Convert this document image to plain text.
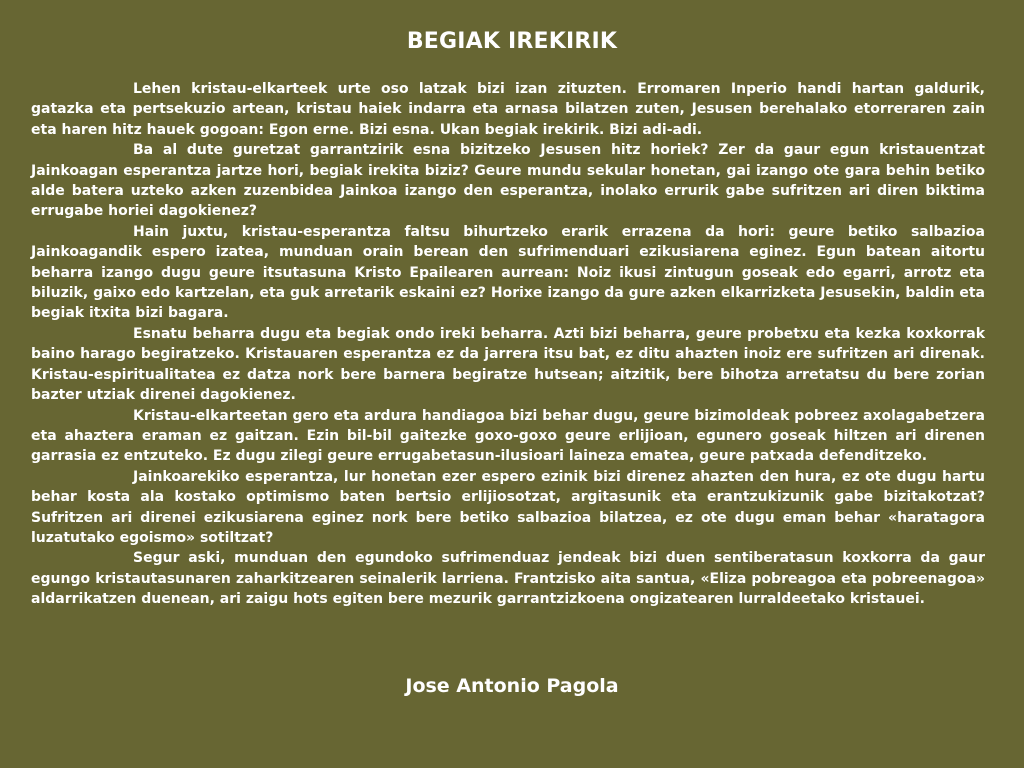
BEGIAK IREKIRIK

Lehen kristau-elkarteek urte oso latzak bizi izan zituzten. Erromaren Inperio handi hartan galdurik, gatazka eta pertsekuzio artean, kristau haiek indarra eta arnasa bilatzen zuten, Jesusen berehalako etorreraren zain eta haren hitz hauek gogoan: Egon erne. Bizi esna. Ukan begiak irekirik. Bizi adi-adi.

Ba al dute guretzat garrantzirik esna bizitzeko Jesusen hitz horiek? Zer da gaur egun kristauentzat Jainkoagan esperantza jartze hori, begiak irekita biziz? Geure mundu sekular honetan, gai izango ote gara behin betiko alde batera uzteko azken zuzenbidea Jainkoa izango den esperantza, inolako errurik gabe sufritzen ari diren biktima errugabe horiei dagokienez?

Hain juxtu, kristau-esperantza faltsu bihurtzeko erarik errazena da hori: geure betiko salbazioa Jainkoagandik espero izatea, munduan orain berean den sufrimenduari ezikusiarena eginez. Egun batean aitortu beharra izango dugu geure itsutasuna Kristo Epailearen aurrean: Noiz ikusi zintugun goseak edo egarri, arrotz eta biluzik, gaixo edo kartzelan, eta guk arretarik eskaini ez? Horixe izango da gure azken elkarrizketa Jesusekin, baldin eta begiak itxita bizi bagara.

Esnatu beharra dugu eta begiak ondo ireki beharra. Azti bizi beharra, geure probetxu eta kezka koxkorrak baino harago begiratzeko. Kristauaren esperantza ez da jarrera itsu bat, ez ditu ahazten inoiz ere sufritzen ari direnak. Kristau-espiritualitatea ez datza nork bere barnera begiratze hutsean; aitzitik, bere bihotza arretatsu du bere zorian bazter utziak direnei dagokienez.

Kristau-elkarteetan gero eta ardura handiagoa bizi behar dugu, geure bizimoldeak pobreez axolagabetzera eta ahaztera eraman ez gaitzan. Ezin bil-bil gaitezke goxo-goxo geure erlijioan, egunero goseak hiltzen ari direnen garrasia ez entzuteko. Ez dugu zilegi geure errugabetasun-ilusioari laineza ematea, geure patxada defenditzeko.

Jainkoarekiko esperantza, lur honetan ezer espero ezinik bizi direnez ahazten den hura, ez ote dugu hartu behar kosta ala kostako optimismo baten bertsio erlijiosotzat, argitasunik eta erantzukizunik gabe bizitakotzat? Sufritzen ari direnei ezikusiarena eginez nork bere betiko salbazioa bilatzea, ez ote dugu eman behar «haratagora luzatutako egoismo» sotiltzat?

Segur aski, munduan den egundoko sufrimenduaz jendeak bizi duen sentiberatasun koxkorra da gaur egungo kristautasunaren zaharkitzearen seinalerik larriena. Frantzisko aita santua, «Eliza pobreagoa eta pobreenagoa» aldarrikatzen duenean, ari zaigu hots egiten bere mezurik garrantzizkoena ongizatearen lurraldeetako kristauei.

Jose Antonio Pagola
